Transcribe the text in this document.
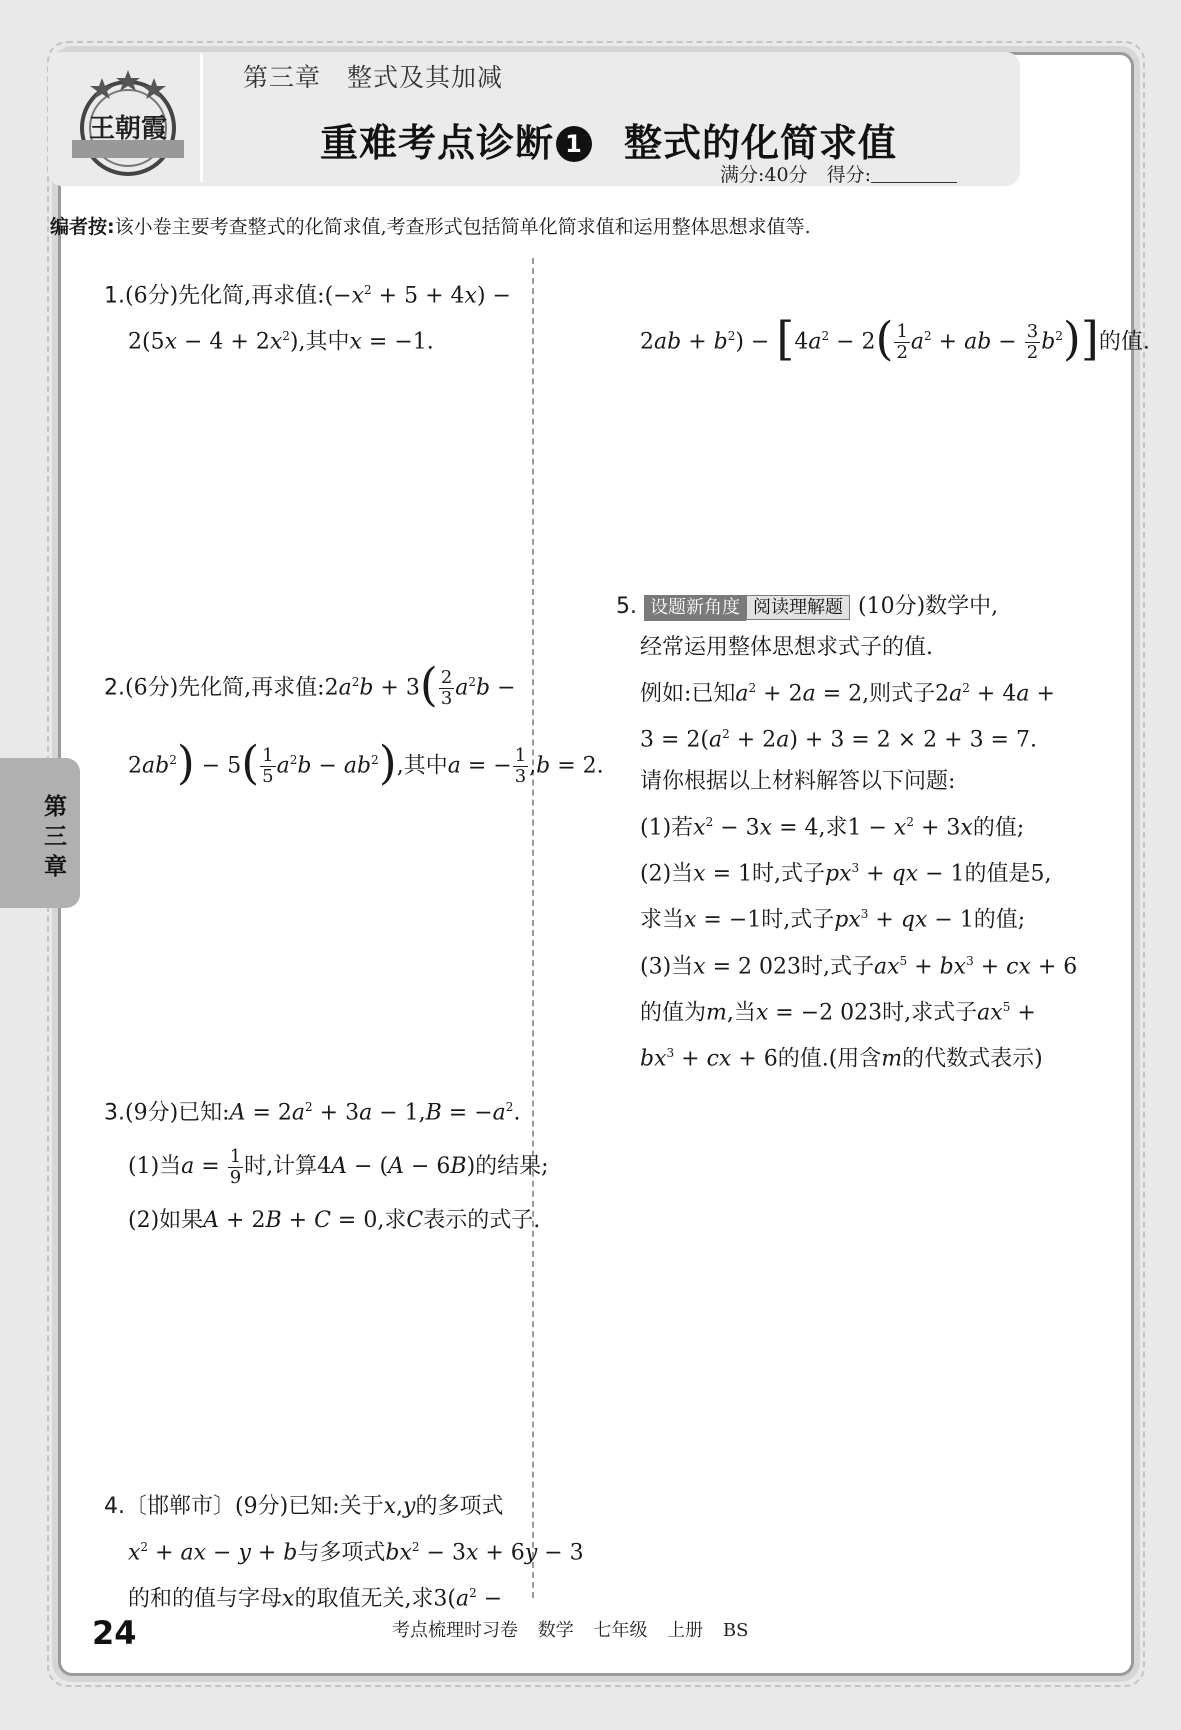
王朝霞
第三章　整式及其加减
重难考点诊断 1 整式的化简求值
满分:40分　得分:
编者按:该小卷主要考查整式的化简求值,考查形式包括简单化简求值和运用整体思想求值等.
1.(6分)先化简,再求值$:(-x^2 + 5 + 4x)$ −
$2(5x - 4 + 2x^2)$,其中x = −1.	$2ab + b^2) - [4a^2 - 2( \frac{1}{2} a^2$ + ab − $\frac{3}{2} b^2$)]的值.
2.(6分)先化简,再求值$:2a^2b + 3( \frac{2}{3} a^2b$ −
$2ab^2) - 5( \frac{1}{5} a^2b - ab^2)$,其中a = − $\frac{1}{3} ,b = 2$.
5. 设题新角度 阅读理解题 (10分)数学中,
经常运用整体思想求式子的值.
例如:已知$a^2 + 2a = 2$,则式子$2a^2 + 4a$ +
$3 = 2(a^2 + 2a) + 3 = 2 \times 2 + 3 = 7$.
请你根据以上材料解答以下问题:
(1)若$x^2 - 3x = 4$,求$1 - x^2 + 3x$的值;
(2)当x = 1时,式子$px^3$ + qx − 1的值是5,
求当x = −1时,式子$px^3$ + qx − 1的值;
(3)当x = 2 023时,式子$ax^5 + bx^3$ + cx + 6
的值为m,当x = −2 023时,求式子$ax^5$ +
$bx^3$ + cx + 6的值.(用含m的代数式表示)
3.(9分)已知:A = $2a^2 + 3a - 1,B = -a^2$.
(1)当$a = \frac{1}{9}$ 时,计算4A − (A − 6B)的结果;
(2)如果A + 2B + C = 0,求C表示的式子.
4.〔邯郸市〕(9分)已知:关于x,y的多项式
$x^2$ + ax − y + b与多项式$bx^2 - 3x + 6y - 3$
的和的值与字母x的取值无关,求$3(a^2$ −
第三章
24	考点梳理时习卷 数学 七年级 上册 BS
